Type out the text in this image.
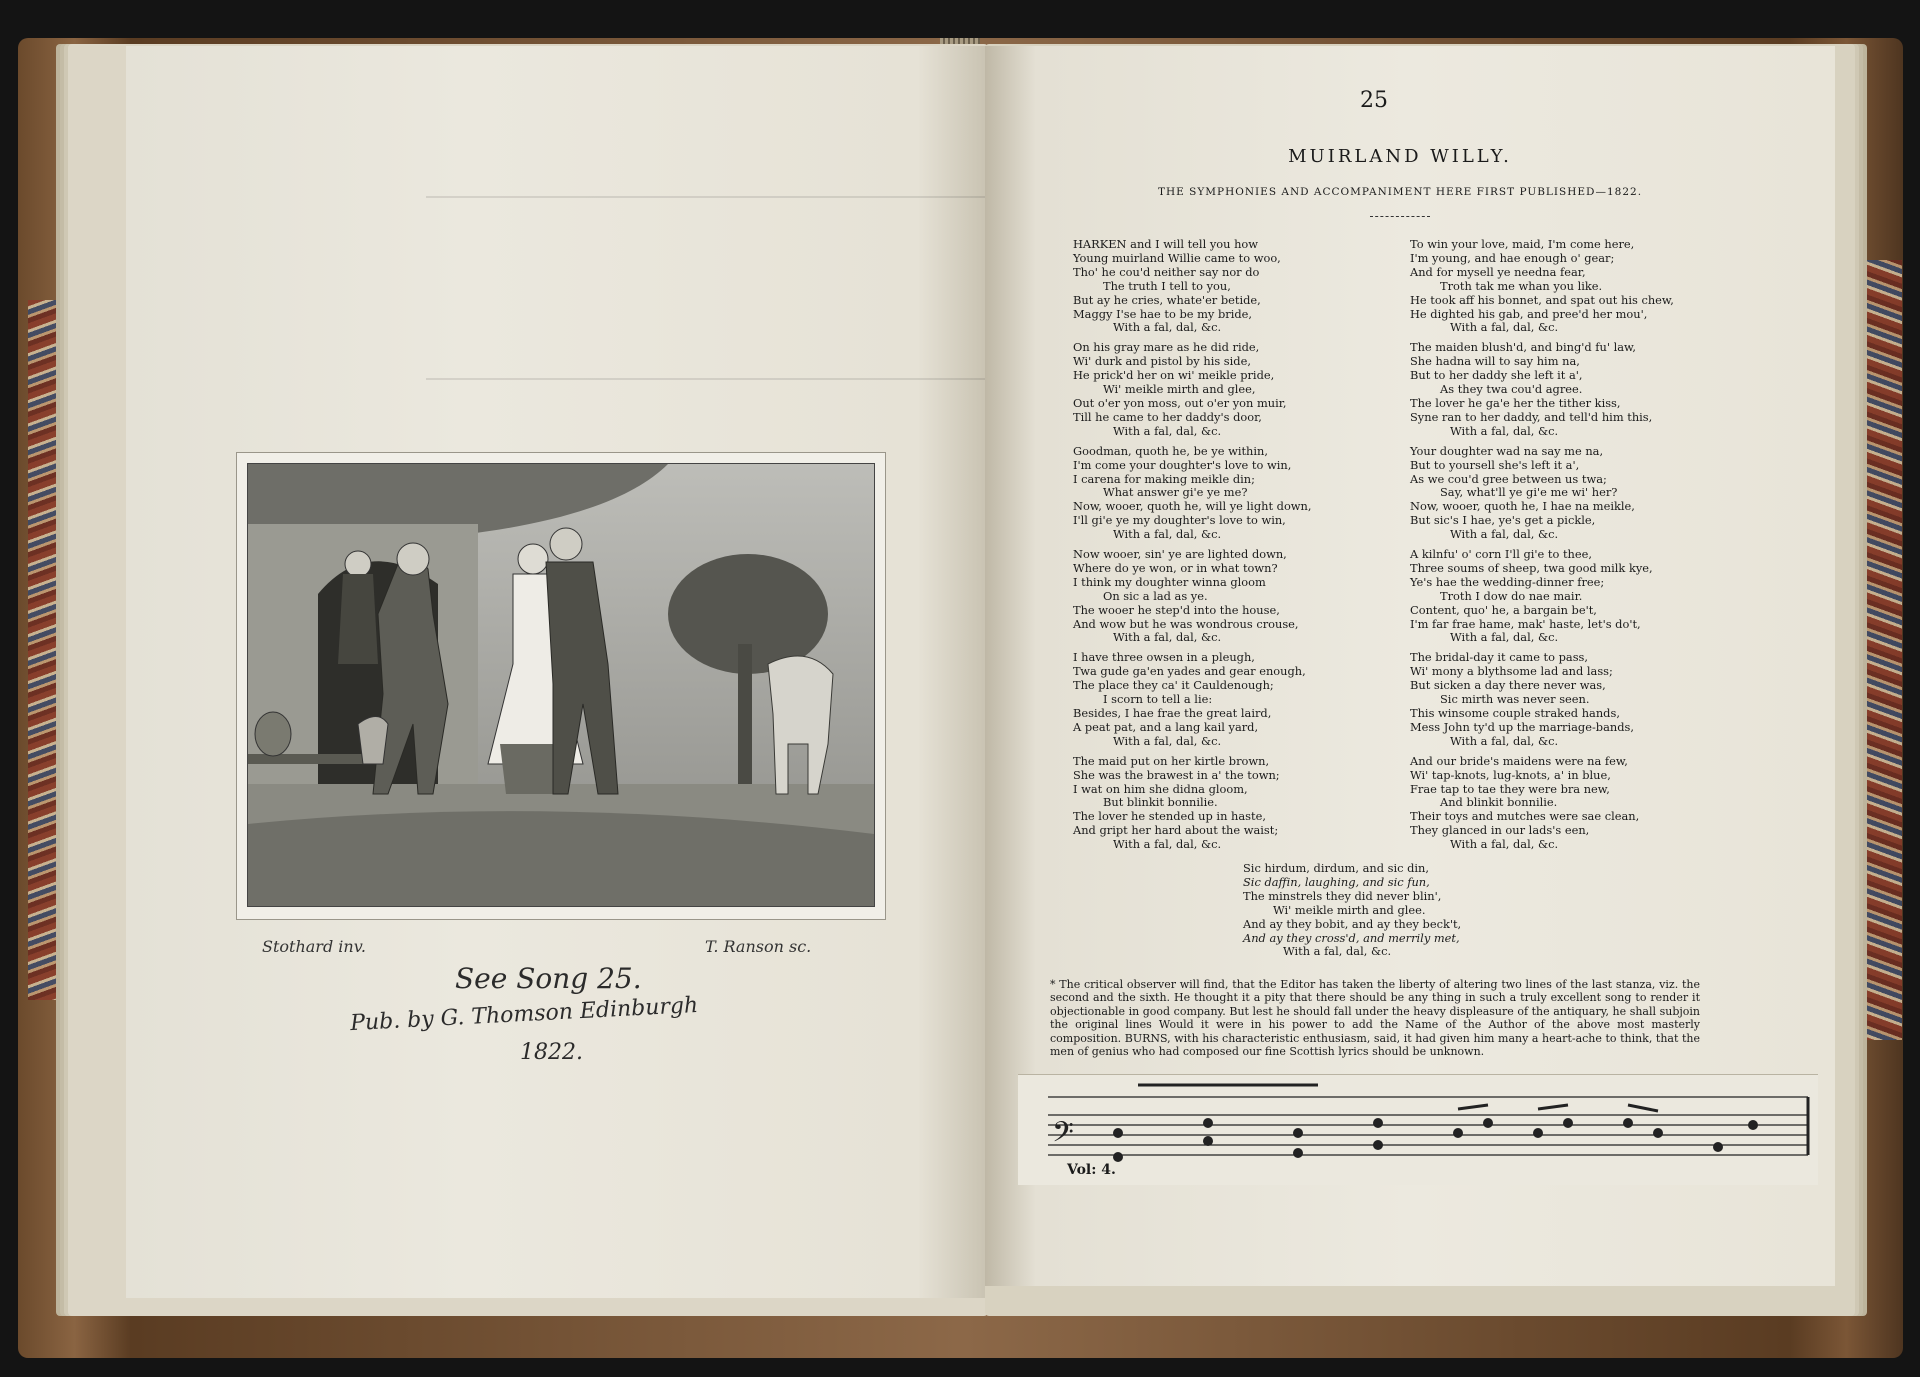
Stothard inv.	T. Ranson sc.
See Song 25.
Pub. by G. Thomson Edinburgh
1822.
25
MUIRLAND WILLY.
THE SYMPHONIES AND ACCOMPANIMENT HERE FIRST PUBLISHED—1822.
HARKEN and I will tell you how
Young muirland Willie came to woo,
Tho' he cou'd neither say nor do
The truth I tell to you,
But ay he cries, whate'er betide,
Maggy I'se hae to be my bride,
With a fal, dal, &c.
On his gray mare as he did ride,
Wi' durk and pistol by his side,
He prick'd her on wi' meikle pride,
Wi' meikle mirth and glee,
Out o'er yon moss, out o'er yon muir,
Till he came to her daddy's door,
With a fal, dal, &c.
Goodman, quoth he, be ye within,
I'm come your doughter's love to win,
I carena for making meikle din;
What answer gi'e ye me?
Now, wooer, quoth he, will ye light down,
I'll gi'e ye my doughter's love to win,
With a fal, dal, &c.
Now wooer, sin' ye are lighted down,
Where do ye won, or in what town?
I think my doughter winna gloom
On sic a lad as ye.
The wooer he step'd into the house,
And wow but he was wondrous crouse,
With a fal, dal, &c.
I have three owsen in a pleugh,
Twa gude ga'en yades and gear enough,
The place they ca' it Cauldenough;
I scorn to tell a lie:
Besides, I hae frae the great laird,
A peat pat, and a lang kail yard,
With a fal, dal, &c.
The maid put on her kirtle brown,
She was the brawest in a' the town;
I wat on him she didna gloom,
But blinkit bonnilie.
The lover he stended up in haste,
And gript her hard about the waist;
With a fal, dal, &c.
To win your love, maid, I'm come here,
I'm young, and hae enough o' gear;
And for mysell ye needna fear,
Troth tak me whan you like.
He took aff his bonnet, and spat out his chew,
He dighted his gab, and pree'd her mou',
With a fal, dal, &c.
The maiden blush'd, and bing'd fu' law,
She hadna will to say him na,
But to her daddy she left it a',
As they twa cou'd agree.
The lover he ga'e her the tither kiss,
Syne ran to her daddy, and tell'd him this,
With a fal, dal, &c.
Your doughter wad na say me na,
But to yoursell she's left it a',
As we cou'd gree between us twa;
Say, what'll ye gi'e me wi' her?
Now, wooer, quoth he, I hae na meikle,
But sic's I hae, ye's get a pickle,
With a fal, dal, &c.
A kilnfu' o' corn I'll gi'e to thee,
Three soums of sheep, twa good milk kye,
Ye's hae the wedding-dinner free;
Troth I dow do nae mair.
Content, quo' he, a bargain be't,
I'm far frae hame, mak' haste, let's do't,
With a fal, dal, &c.
The bridal-day it came to pass,
Wi' mony a blythsome lad and lass;
But sicken a day there never was,
Sic mirth was never seen.
This winsome couple straked hands,
Mess John ty'd up the marriage-bands,
With a fal, dal, &c.
And our bride's maidens were na few,
Wi' tap-knots, lug-knots, a' in blue,
Frae tap to tae they were bra new,
And blinkit bonnilie.
Their toys and mutches were sae clean,
They glanced in our lads's een,
With a fal, dal, &c.
Sic hirdum, dirdum, and sic din,
Sic daffin, laughing, and sic fun,
The minstrels they did never blin',
Wi' meikle mirth and glee.
And ay they bobit, and ay they beck't,
And ay they cross'd, and merrily met,
With a fal, dal, &c.
* The critical observer will find, that the Editor has taken the liberty of altering two lines of the last stanza, viz. the second and the sixth. He thought it a pity that there should be any thing in such a truly excellent song to render it objectionable in good company. But lest he should fall under the heavy displeasure of the antiquary, he shall subjoin the original lines Would it were in his power to add the Name of the Author of the above most masterly composition. BURNS, with his characteristic enthusiasm, said, it had given him many a heart-ache to think, that the men of genius who had composed our fine Scottish lyrics should be unknown.
𝄢
Vol: 4.
